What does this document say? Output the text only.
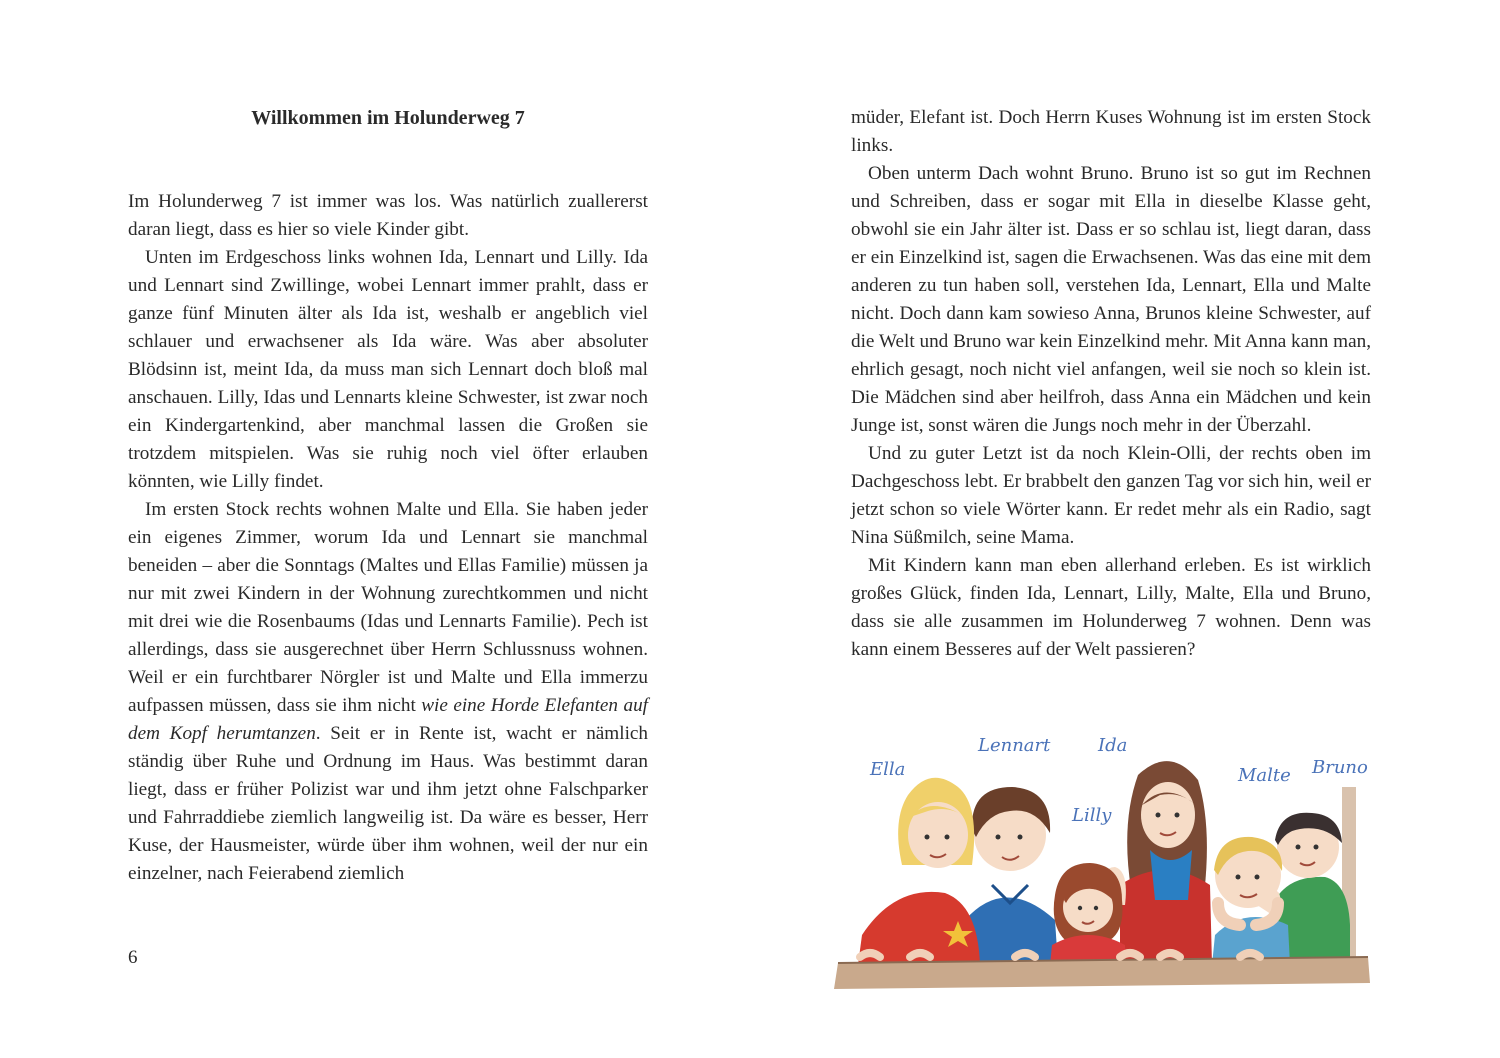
Willkommen im Holunderweg 7

Im Holunderweg 7 ist immer was los. Was natürlich zuallererst daran liegt, dass es hier so viele Kinder gibt.

Unten im Erdgeschoss links wohnen Ida, Lennart und Lilly. Ida und Lennart sind Zwillinge, wobei Lennart immer prahlt, dass er ganze fünf Minuten älter als Ida ist, weshalb er angeblich viel schlauer und erwachsener als Ida wäre. Was aber absoluter Blödsinn ist, meint Ida, da muss man sich Lennart doch bloß mal anschauen. Lilly, Idas und Lennarts kleine Schwester, ist zwar noch ein Kindergartenkind, aber manchmal lassen die Großen sie trotzdem mitspielen. Was sie ruhig noch viel öfter erlauben könnten, wie Lilly findet.

Im ersten Stock rechts wohnen Malte und Ella. Sie haben jeder ein eigenes Zimmer, worum Ida und Lennart sie manchmal beneiden – aber die Sonntags (Maltes und Ellas Familie) müssen ja nur mit zwei Kindern in der Wohnung zurechtkommen und nicht mit drei wie die Rosenbaums (Idas und Lennarts Familie). Pech ist allerdings, dass sie ausgerechnet über Herrn Schlussnuss wohnen. Weil er ein furchtbarer Nörgler ist und Malte und Ella immerzu aufpassen müssen, dass sie ihm nicht wie eine Horde Elefanten auf dem Kopf herumtanzen. Seit er in Rente ist, wacht er nämlich ständig über Ruhe und Ordnung im Haus. Was bestimmt daran liegt, dass er früher Polizist war und ihm jetzt ohne Falschparker und Fahrraddiebe ziemlich langweilig ist. Da wäre es besser, Herr Kuse, der Hausmeister, würde über ihm wohnen, weil der nur ein einzelner, nach Feierabend ziemlich

6

müder, Elefant ist. Doch Herrn Kuses Wohnung ist im ersten Stock links.

Oben unterm Dach wohnt Bruno. Bruno ist so gut im Rechnen und Schreiben, dass er sogar mit Ella in dieselbe Klasse geht, obwohl sie ein Jahr älter ist. Dass er so schlau ist, liegt daran, dass er ein Einzelkind ist, sagen die Erwachsenen. Was das eine mit dem anderen zu tun haben soll, verstehen Ida, Lennart, Ella und Malte nicht. Doch dann kam sowieso Anna, Brunos kleine Schwester, auf die Welt und Bruno war kein Einzelkind mehr. Mit Anna kann man, ehrlich gesagt, noch nicht viel anfangen, weil sie noch so klein ist. Die Mädchen sind aber heilfroh, dass Anna ein Mädchen und kein Junge ist, sonst wären die Jungs noch mehr in der Überzahl.

Und zu guter Letzt ist da noch Klein-Olli, der rechts oben im Dachgeschoss lebt. Er brabbelt den ganzen Tag vor sich hin, weil er jetzt schon so viele Wörter kann. Er redet mehr als ein Radio, sagt Nina Süßmilch, seine Mama.

Mit Kindern kann man eben allerhand erleben. Es ist wirklich großes Glück, finden Ida, Lennart, Lilly, Malte, Ella und Bruno, dass sie alle zusammen im Holunderweg 7 wohnen. Denn was kann einem Besseres auf der Welt passieren?

Ella
Lennart	Ida
Lilly
Malte Bruno
